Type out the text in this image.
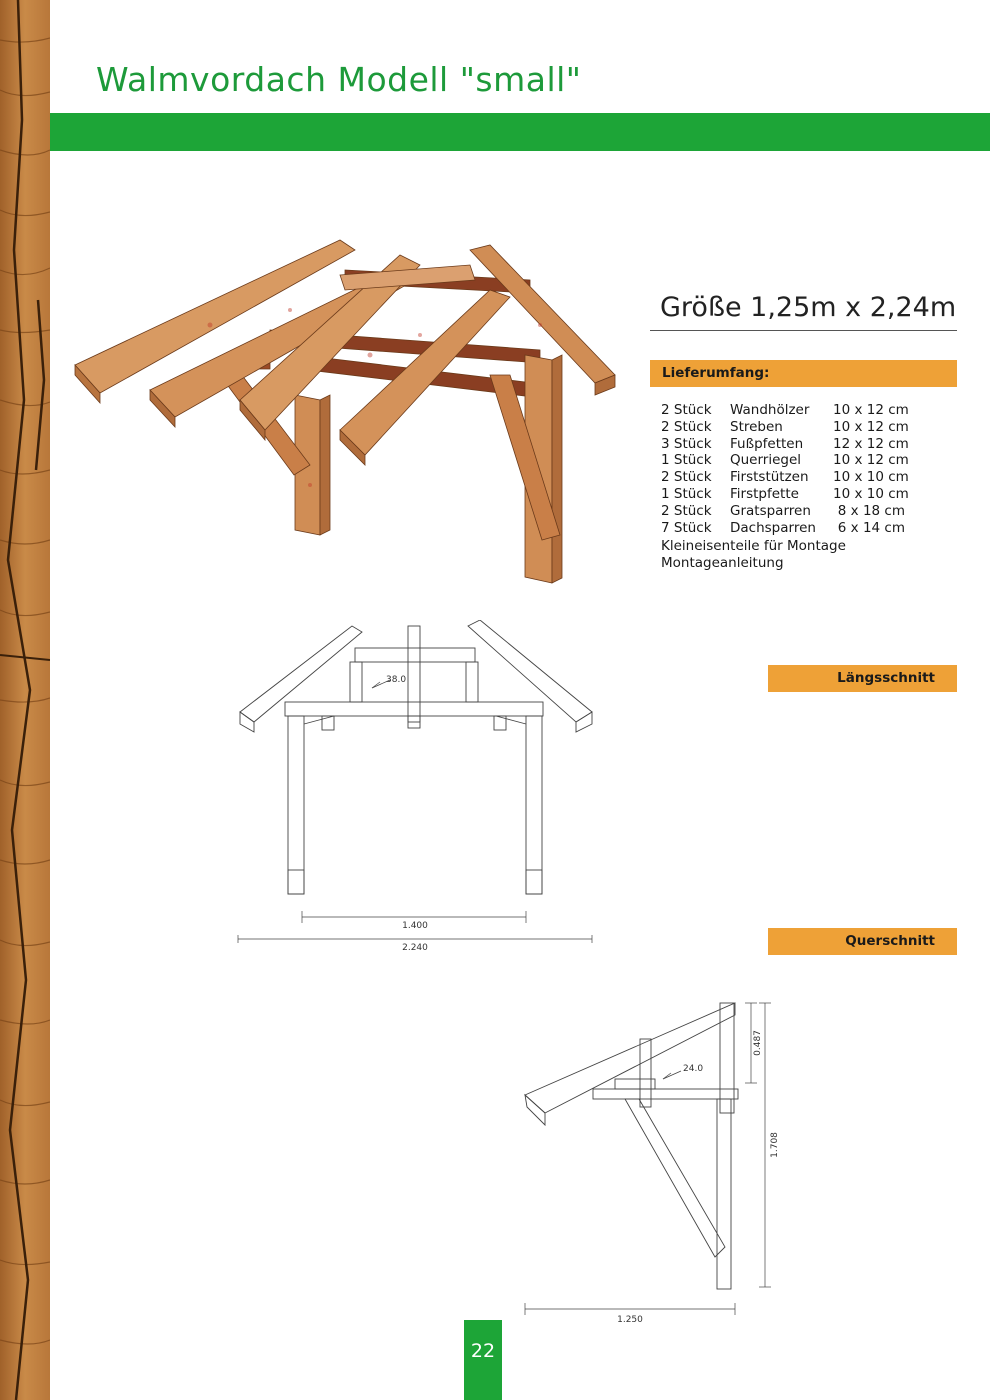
Walmvordach Modell "small"
Größe 1,25m x 2,24m
Lieferumfang:
2 Stück Wandhölzer 10 x 12 cm
2 Stück Streben	10 x 12 cm
3 Stück Fußpfetten 12 x 12 cm
1 Stück Querriegel 10 x 12 cm
2 Stück Firststützen 10 x 10 cm
1 Stück Firstpfette	10 x 10 cm
2 Stück Gratsparren	8 x 18 cm
7 Stück Dachsparren	6 x 14 cm
Kleineisenteile für Montage
Montageanleitung
Längsschnitt
Querschnitt
38.0
1.400
2.240
24.0
0.487
1.708
1.250
22
